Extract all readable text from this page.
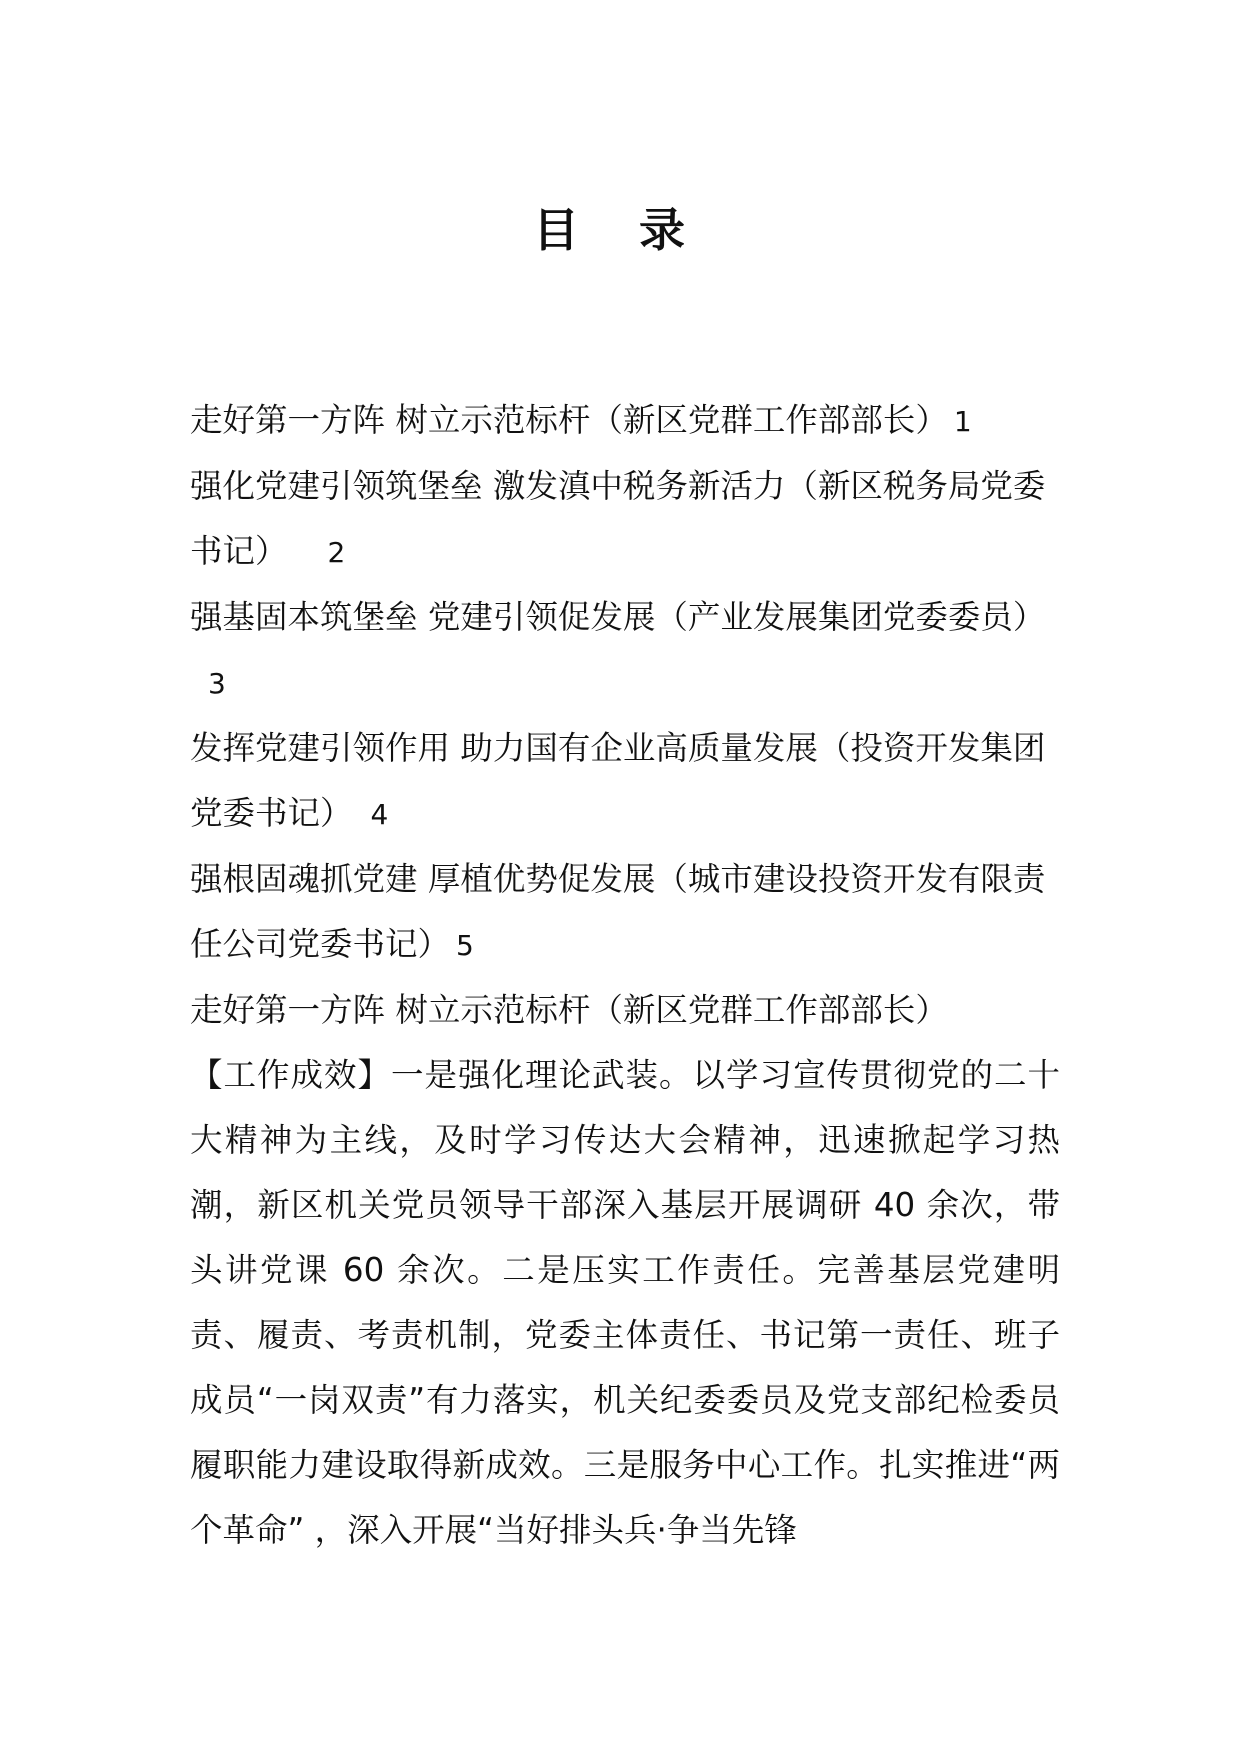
目 录

走好第一方阵 树立示范标杆（新区党群工作部部长） 1

强化党建引领筑堡垒 激发滇中税务新活力（新区税务局党委书记） 2

强基固本筑堡垒 党建引领促发展（产业发展集团党委委员）3

发挥党建引领作用 助力国有企业高质量发展（投资开发集团党委书记） 4

强根固魂抓党建 厚植优势促发展（城市建设投资开发有限责任公司党委书记） 5

走好第一方阵 树立示范标杆（新区党群工作部部长）

【工作成效】一是强化理论武装。以学习宣传贯彻党的二十大精神为主线，及时学习传达大会精神，迅速掀起学习热潮，新区机关党员领导干部深入基层开展调研 40 余次，带头讲党课 60 余次。二是压实工作责任。完善基层党建明责、履责、考责机制，党委主体责任、书记第一责任、班子成员“一岗双责”有力落实，机关纪委委员及党支部纪检委员履职能力建设取得新成效。三是服务中心工作。扎实推进“两个革命” ，深入开展“当好排头兵·争当先锋
